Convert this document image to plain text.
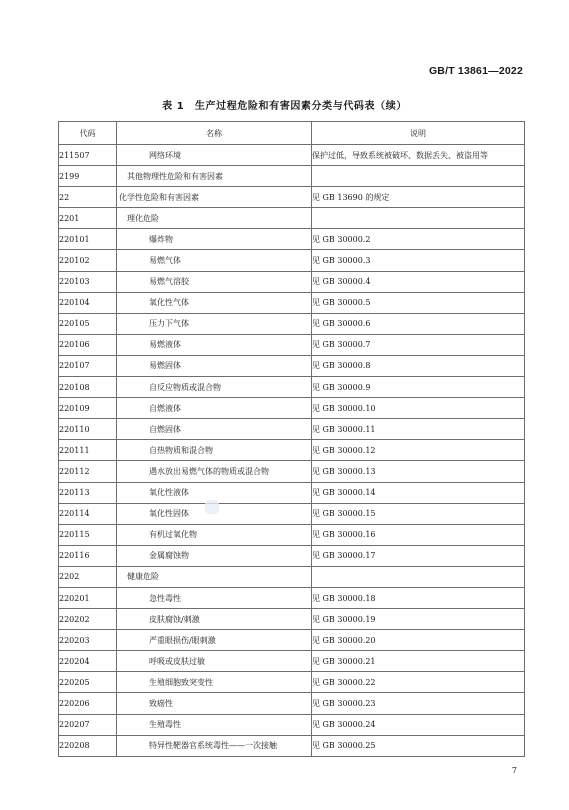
GB/T 13861—2022
表 1　生产过程危险和有害因素分类与代码表（续）
代码	名称	说明
211507	网络环境	保护过低，导致系统被破坏、数据丢失、被盗用等
2199	其他物理性危险和有害因素	
22	化学性危险和有害因素	见 GB 13690 的规定
2201	理化危险	
220101	爆炸物	见 GB 30000.2
220102	易燃气体	见 GB 30000.3
220103	易燃气溶胶	见 GB 30000.4
220104	氧化性气体	见 GB 30000.5
220105	压力下气体	见 GB 30000.6
220106	易燃液体	见 GB 30000.7
220107	易燃固体	见 GB 30000.8
220108	自反应物质或混合物	见 GB 30000.9
220109	自燃液体	见 GB 30000.10
220110	自燃固体	见 GB 30000.11
220111	自热物质和混合物	见 GB 30000.12
220112	遇水放出易燃气体的物质或混合物	见 GB 30000.13
220113	氧化性液体	见 GB 30000.14
220114	氧化性固体	见 GB 30000.15
220115	有机过氧化物	见 GB 30000.16
220116	金属腐蚀物	见 GB 30000.17
2202	健康危险	
220201	急性毒性	见 GB 30000.18
220202	皮肤腐蚀/刺激	见 GB 30000.19
220203	严重眼损伤/眼刺激	见 GB 30000.20
220204	呼吸或皮肤过敏	见 GB 30000.21
220205	生殖细胞致突变性	见 GB 30000.22
220206	致癌性	见 GB 30000.23
220207	生殖毒性	见 GB 30000.24
220208	特异性靶器官系统毒性——一次接触	见 GB 30000.25
7
